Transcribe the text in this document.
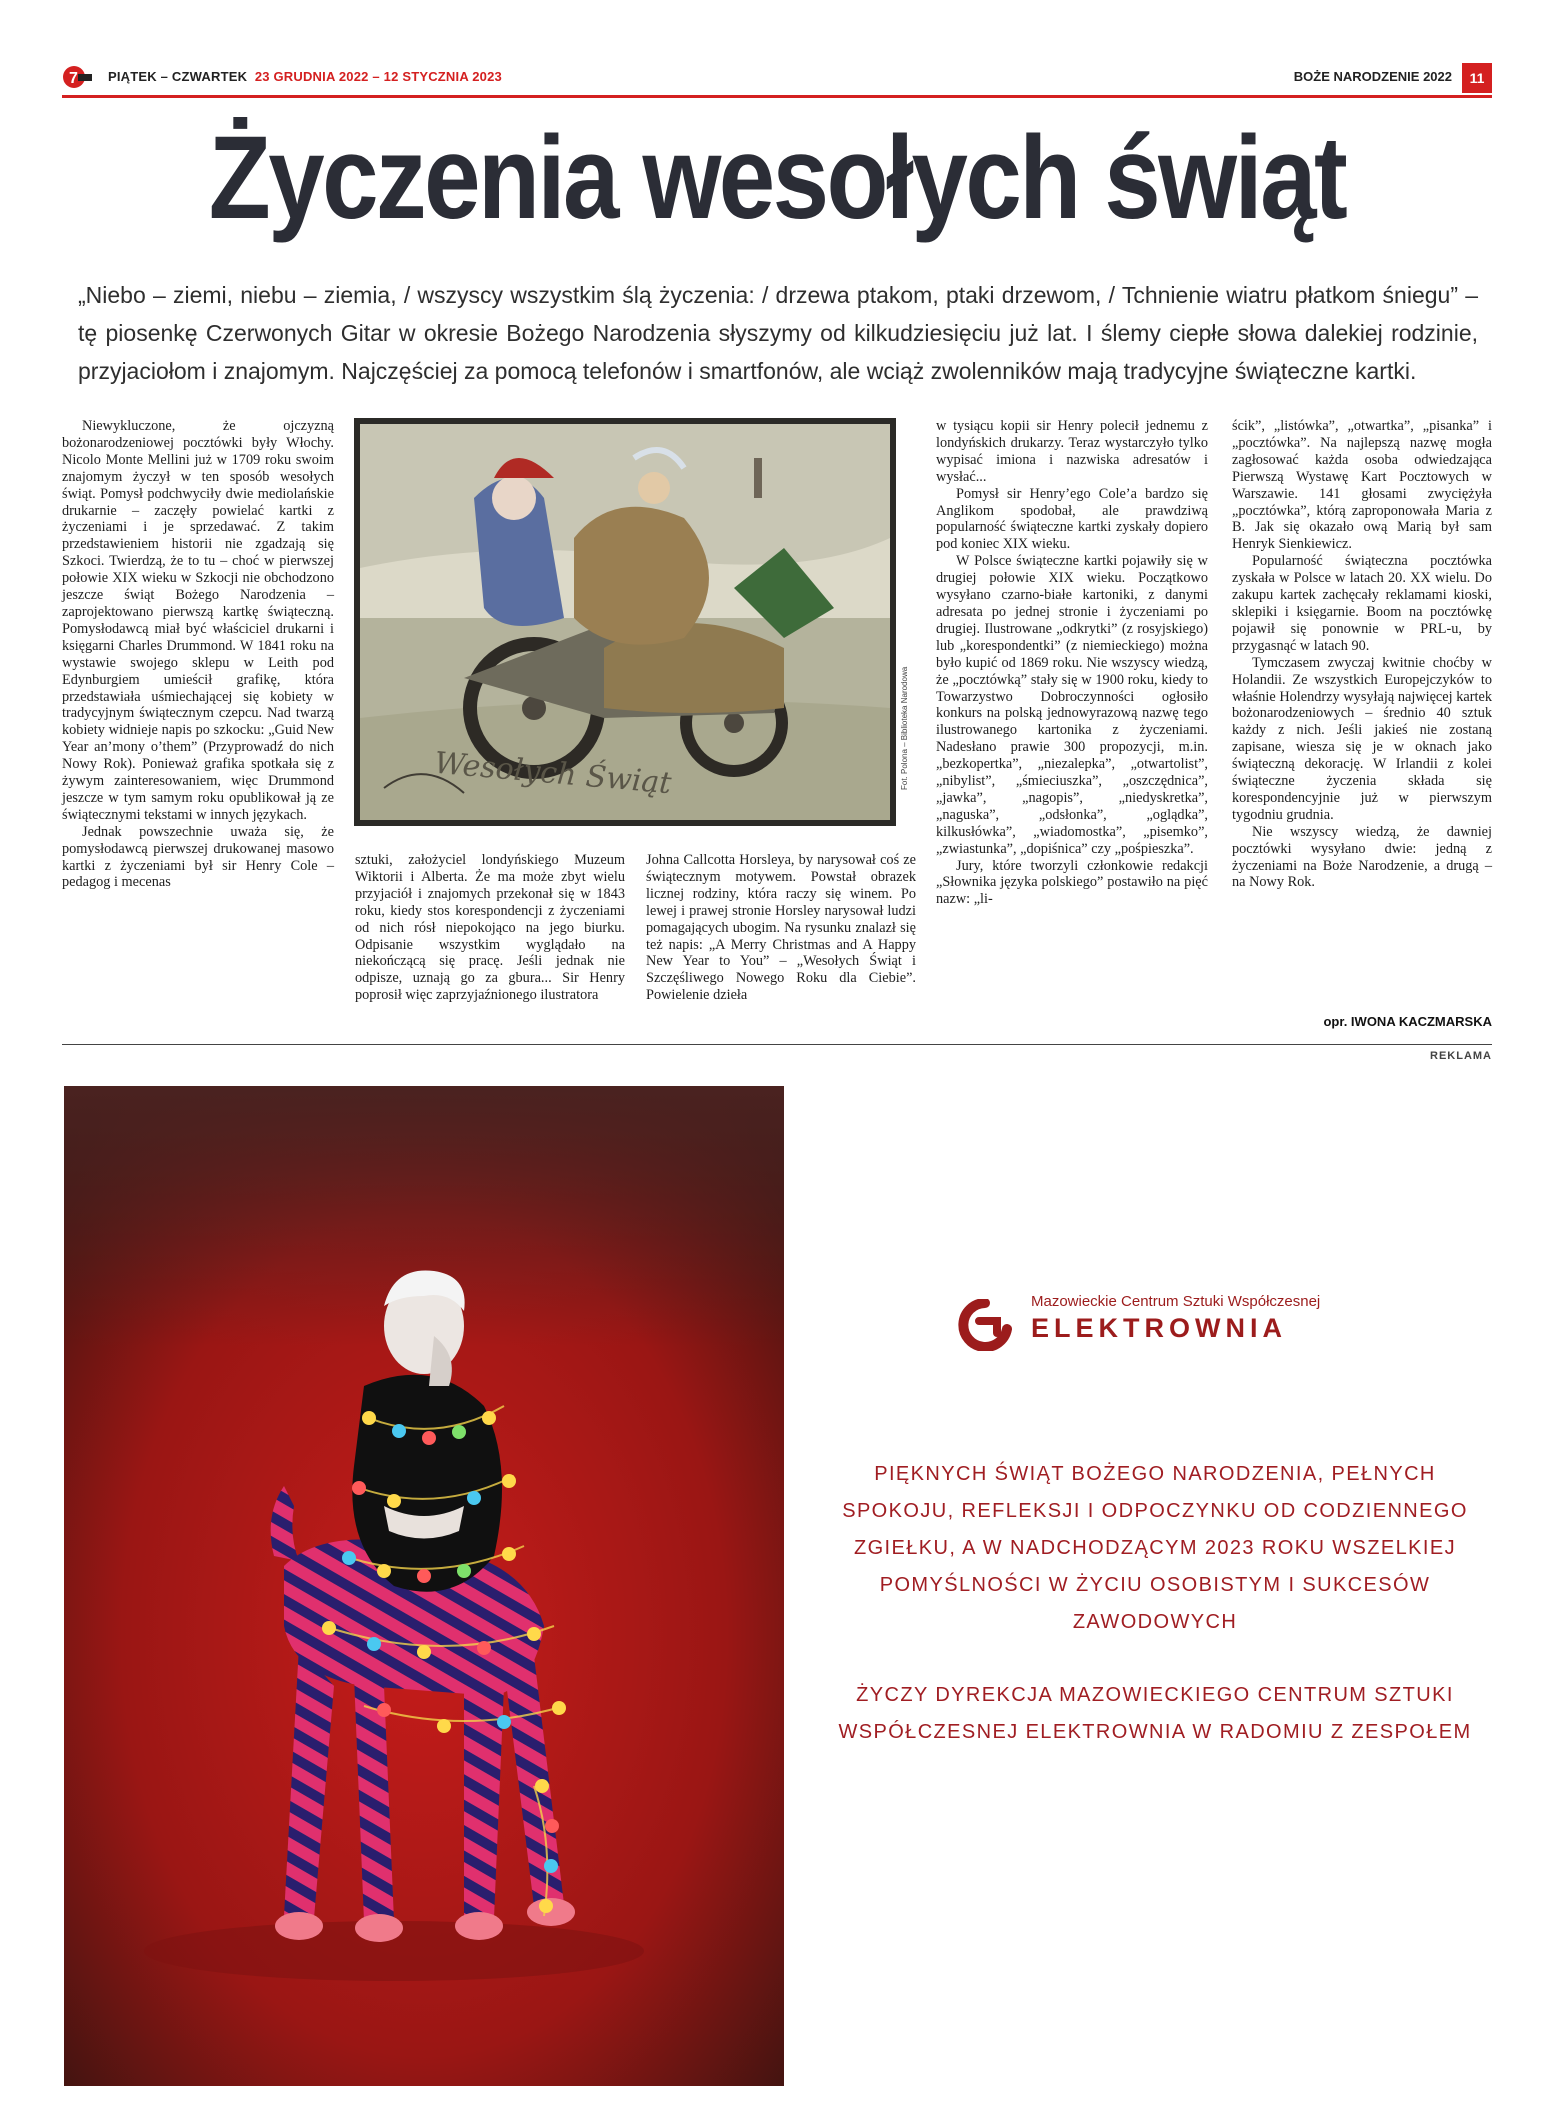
7 PIĄTEK – CZWARTEK 23 GRUDNIA 2022 – 12 STYCZNIA 2023	BOŻE NARODZENIE 2022	11
Życzenia wesołych świąt
„Niebo – ziemi, niebu – ziemia, / wszyscy wszystkim ślą życzenia: / drzewa ptakom, ptaki drzewom, / Tchnienie wiatru płatkom śniegu” – tę piosenkę Czerwonych Gitar w okresie Bożego Narodzenia słyszymy od kilkudziesięciu już lat. I ślemy ciepłe słowa dalekiej rodzinie, przyjaciołom i znajomym. Najczęściej za pomocą telefonów i smartfonów, ale wciąż zwolenników mają tradycyjne świąteczne kartki.

Niewykluczone, że ojczyzną bożonarodzeniowej pocztówki były Włochy. Nicolo Monte Mellini już w 1709 roku swoim znajomym życzył w ten sposób wesołych świąt. Pomysł podchwyciły dwie mediolańskie drukarnie – zaczęły powielać kartki z życzeniami i je sprzedawać. Z takim przedstawieniem historii nie zgadzają się Szkoci. Twierdzą, że to tu – choć w pierwszej połowie XIX wieku w Szkocji nie obchodzono jeszcze świąt Bożego Narodzenia – zaprojektowano pierwszą kartkę świąteczną. Pomysłodawcą miał być właściciel drukarni i księgarni Charles Drummond. W 1841 roku na wystawie swojego sklepu w Leith pod Edynburgiem umieścił grafikę, która przedstawiała uśmiechającej się kobiety w tradycyjnym świątecznym czepcu. Nad twarzą kobiety widnieje napis po szkocku: „Guid New Year an’mony o’them” (Przyprowadź do nich Nowy Rok). Ponieważ grafika spotkała się z żywym zainteresowaniem, więc Drummond jeszcze w tym samym roku opublikował ją ze świątecznymi tekstami w innych językach.

Jednak powszechnie uważa się, że pomysłodawcą pierwszej drukowanej masowo kartki z życzeniami był sir Henry Cole – pedagog i mecenas

Wesołych Świąt	Fot. Polona – Biblioteka Narodowa

sztuki, założyciel londyńskiego Muzeum Wiktorii i Alberta. Że ma może zbyt wielu przyjaciół i znajomych przekonał się w 1843 roku, kiedy stos korespondencji z życzeniami od nich rósł niepokojąco na jego biurku. Odpisanie wszystkim wyglądało na niekończącą się pracę. Jeśli jednak nie odpisze, uznają go za gbura... Sir Henry poprosił więc zaprzyjaźnionego ilustratora

Johna Callcotta Horsleya, by narysował coś ze świątecznym motywem. Powstał obrazek licznej rodziny, która raczy się winem. Po lewej i prawej stronie Horsley narysował ludzi pomagających ubogim. Na rysunku znalazł się też napis: „A Merry Christmas and A Happy New Year to You” – „Wesołych Świąt i Szczęśliwego Nowego Roku dla Ciebie”. Powielenie dzieła

w tysiącu kopii sir Henry polecił jednemu z londyńskich drukarzy. Teraz wystarczyło tylko wypisać imiona i nazwiska adresatów i wysłać...

Pomysł sir Henry’ego Cole’a bardzo się Anglikom spodobał, ale prawdziwą popularność świąteczne kartki zyskały dopiero pod koniec XIX wieku.

W Polsce świąteczne kartki pojawiły się w drugiej połowie XIX wieku. Początkowo wysyłano czarno-białe kartoniki, z danymi adresata po jednej stronie i życzeniami po drugiej. Ilustrowane „odkrytki” (z rosyjskiego) lub „korespondentki” (z niemieckiego) można było kupić od 1869 roku. Nie wszyscy wiedzą, że „pocztówką” stały się w 1900 roku, kiedy to Towarzystwo Dobroczynności ogłosiło konkurs na polską jednowyrazową nazwę tego ilustrowanego kartonika z życzeniami. Nadesłano prawie 300 propozycji, m.in. „bezkopertka”, „niezalepka”, „otwartolist”, „nibylist”, „śmieciuszka”, „oszczędnica”, „jawka”, „nagopis”, „niedyskretka”, „naguska”, „odsłonka”, „oglądka”, kilkusłówka”, „wiadomostka”, „pisemko”, „zwiastunka”, „dopiśnica” czy „pośpieszka”.

Jury, które tworzyli członkowie redakcji „Słownika języka polskiego” postawiło na pięć nazw: „li-

ścik”, „listówka”, „otwartka”, „pisanka” i „pocztówka”. Na najlepszą nazwę mogła zagłosować każda osoba odwiedzająca Pierwszą Wystawę Kart Pocztowych w Warszawie. 141 głosami zwyciężyła „pocztówka”, którą zaproponowała Maria z B. Jak się okazało ową Marią był sam Henryk Sienkiewicz.

Popularność świąteczna pocztówka zyskała w Polsce w latach 20. XX wielu. Do zakupu kartek zachęcały reklamami kioski, sklepiki i księgarnie. Boom na pocztówkę pojawił się ponownie w PRL-u, by przygasnąć w latach 90.

Tymczasem zwyczaj kwitnie choćby w Holandii. Ze wszystkich Europejczyków to właśnie Holendrzy wysyłają najwięcej kartek bożonarodzeniowych – średnio 40 sztuk każdy z nich. Jeśli jakieś nie zostaną zapisane, wiesza się je w oknach jako świąteczną dekorację. W Irlandii z kolei świąteczne życzenia składa się korespondencyjnie już w pierwszym tygodniu grudnia.

Nie wszyscy wiedzą, że dawniej pocztówki wysyłano dwie: jedną z życzeniami na Boże Narodzenie, a drugą – na Nowy Rok.

opr. IWONA KACZMARSKA
REKLAMA
Mazowieckie Centrum Sztuki Współczesnej
ELEKTROWNIA

PIĘKNYCH ŚWIĄT BOŻEGO NARODZENIA, PEŁNYCH SPOKOJU, REFLEKSJI I ODPOCZYNKU OD CODZIENNEGO ZGIEŁKU, A W NADCHODZĄCYM 2023 ROKU WSZELKIEJ POMYŚLNOŚCI W ŻYCIU OSOBISTYM I SUKCESÓW ZAWODOWYCH

ŻYCZY DYREKCJA MAZOWIECKIEGO CENTRUM SZTUKI WSPÓŁCZESNEJ ELEKTROWNIA W RADOMIU Z ZESPOŁEM
